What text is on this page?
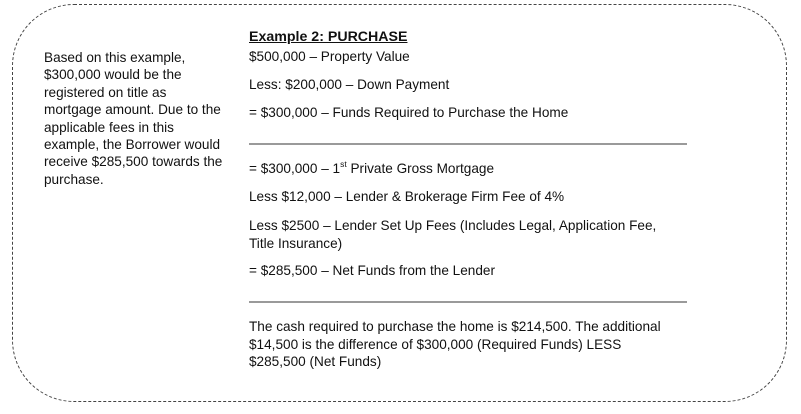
Based on this example, $300,000 would be the registered on title as mortgage amount. Due to the applicable fees in this example, the Borrower would receive $285,500 towards the purchase.
Example 2: PURCHASE
$500,000 – Property Value
Less: $200,000 – Down Payment
= $300,000 – Funds Required to Purchase the Home
= $300,000 – 1st Private Gross Mortgage
Less $12,000 – Lender & Brokerage Firm Fee of 4%
Less $2500 – Lender Set Up Fees (Includes Legal, Application Fee, Title Insurance)
= $285,500 – Net Funds from the Lender
The cash required to purchase the home is $214,500. The additional $14,500 is the difference of $300,000 (Required Funds) LESS $285,500 (Net Funds)
